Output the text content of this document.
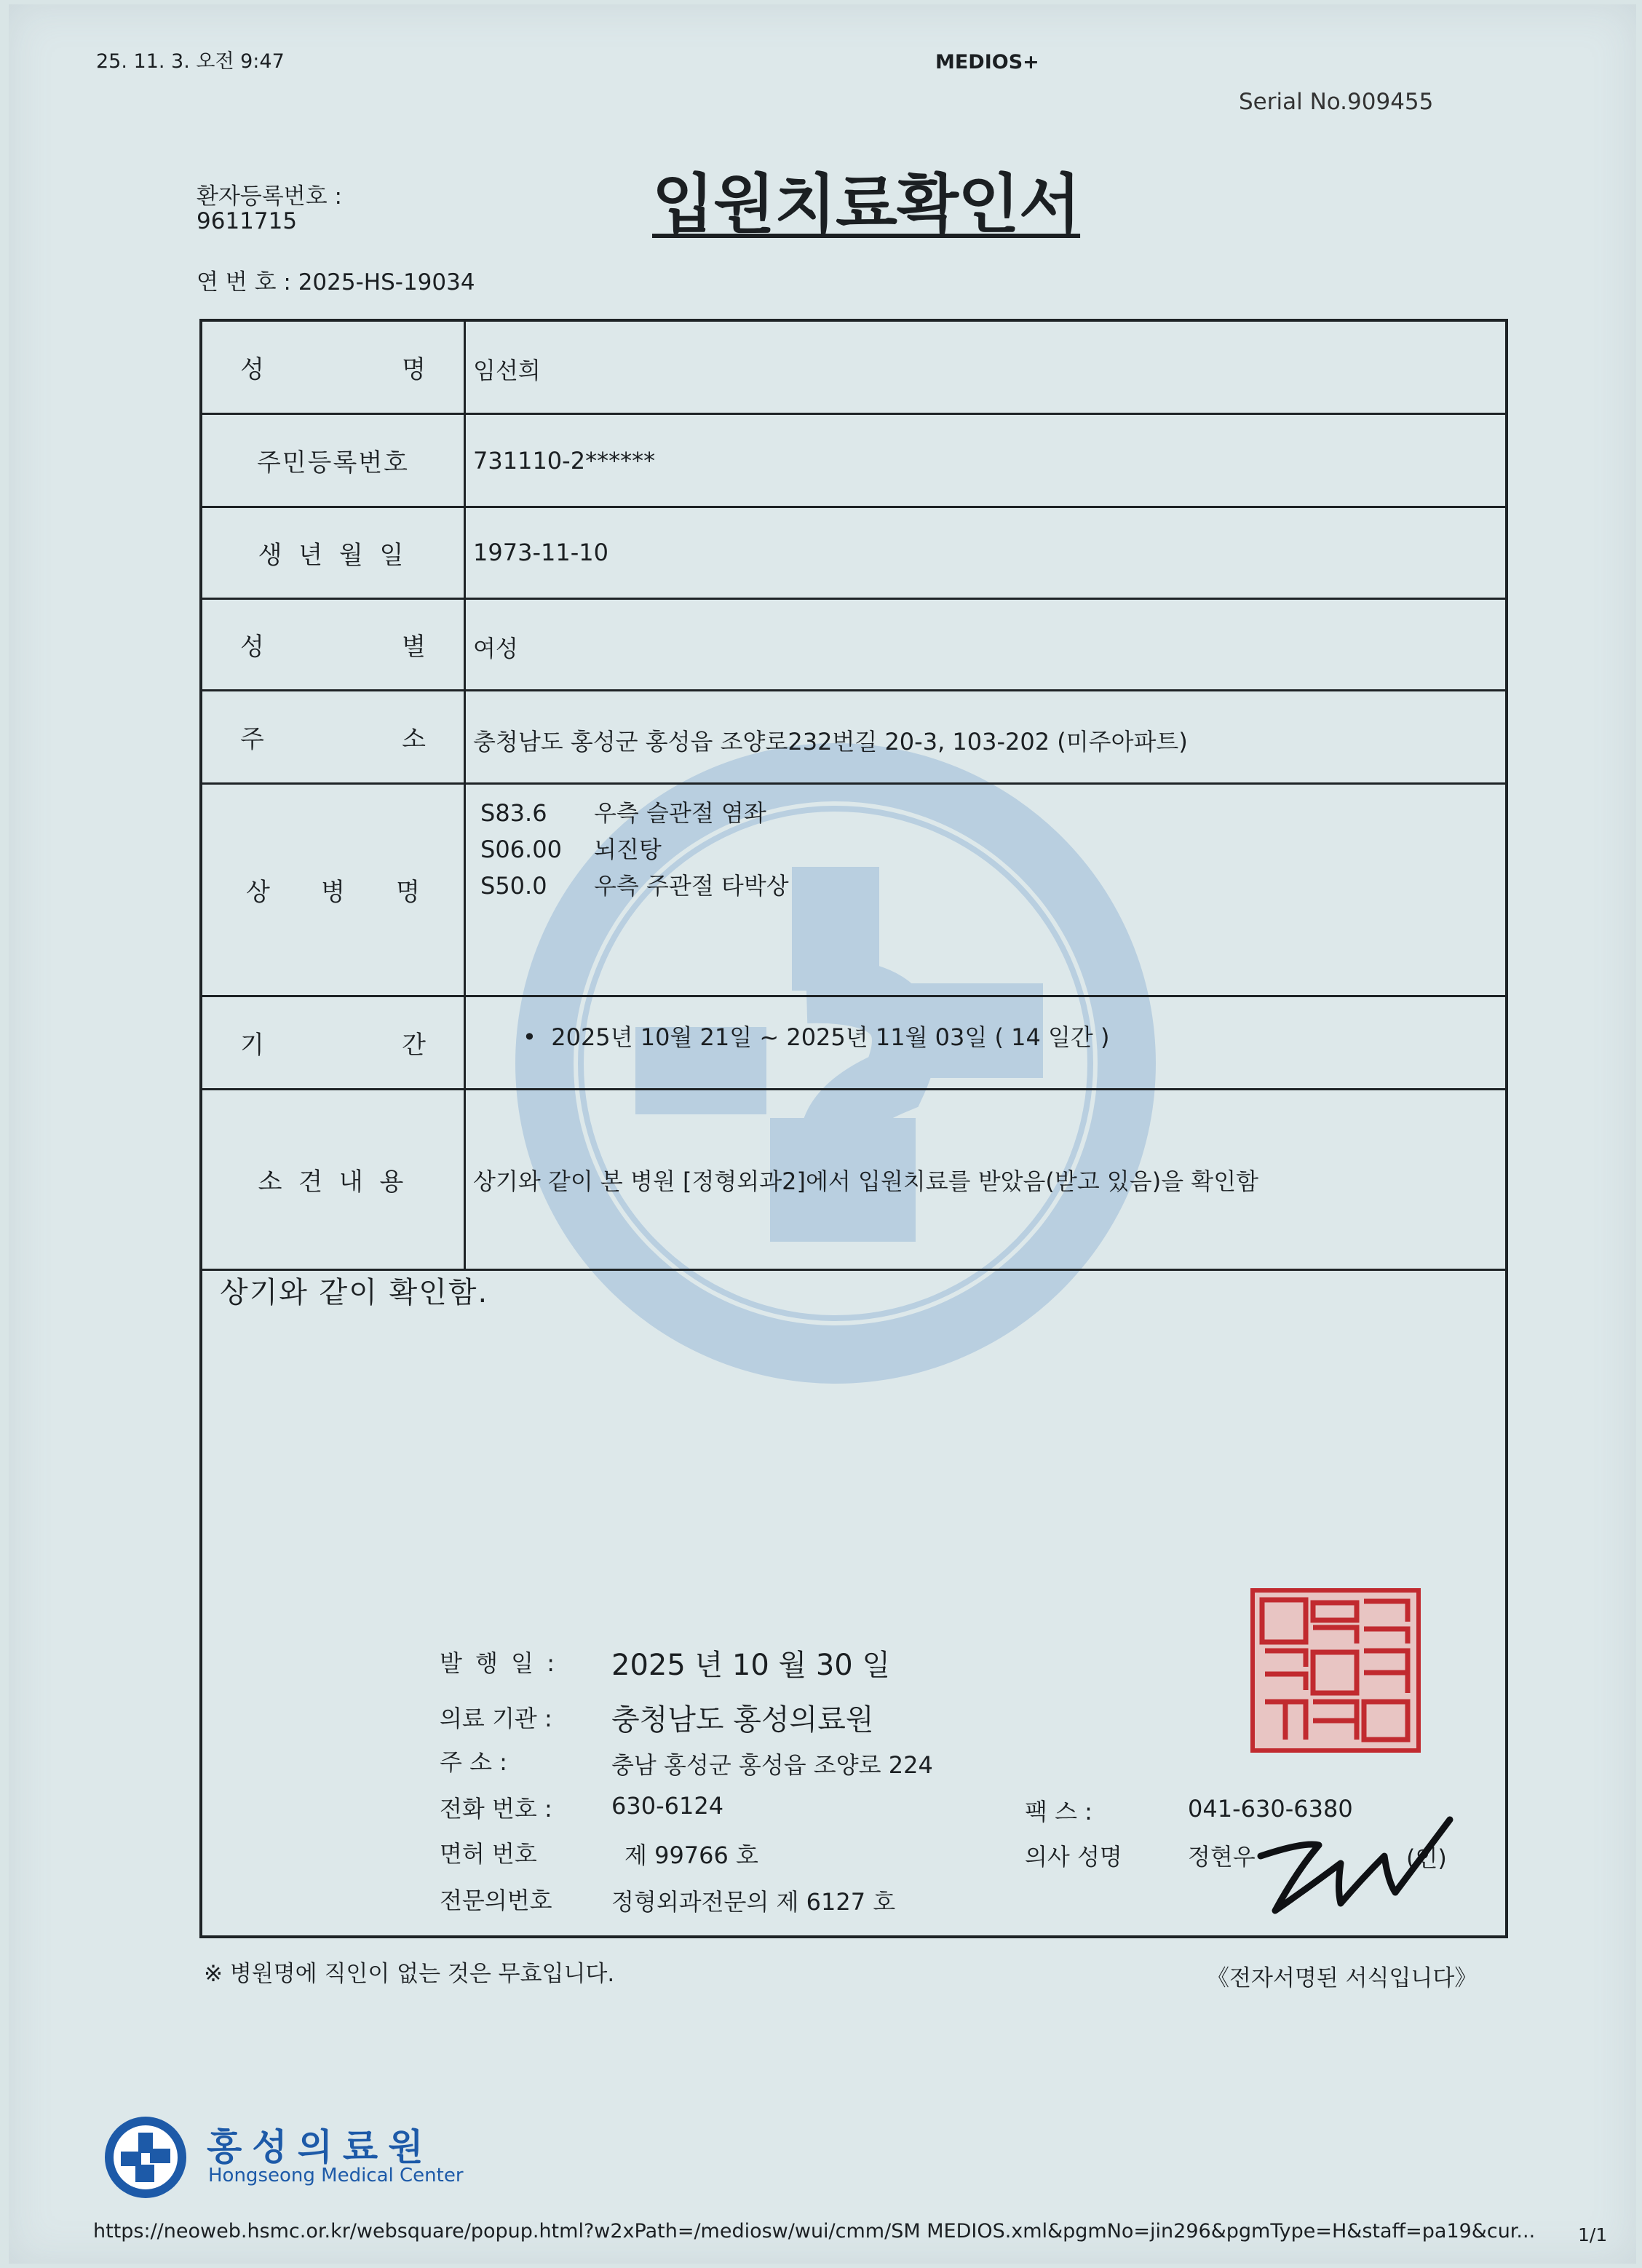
25. 11. 3. 오전 9:47	MEDIOS+
Serial No.909455
환자등록번호 :
9611715	입원치료확인서
연 번 호 : 2025-HS-19034
성	명 임선희
주민등록번호	731110-2******
생 년 월 일	1973-11-10
성	별 여성
주	소 충청남도 홍성군 홍성읍 조양로232번길 20-3, 103-202 (미주아파트)
상 병 명
S83.6 우측 슬관절 염좌
S06.00 뇌진탕
S50.0 우측 주관절 타박상
기	간	•  2025년 10월 21일 ~ 2025년 11월 03일 ( 14 일간 )
소 견 내 용	상기와 같이 본 병원 [정형외과2]에서 입원치료를 받았음(받고 있음)을 확인함
상기와 같이 확인함.
발 행 일 : 2025 년 10 월 30 일
의료 기관 : 충청남도 홍성의료원
주 소 :	충남 홍성군 홍성읍 조양로 224
전화 번호 :	630-6124	팩 스 :	041-630-6380
면허 번호	제 99766 호	의사 성명	정현우	(인)
전문의번호	정형외과전문의 제 6127 호
※ 병원명에 직인이 없는 것은 무효입니다.	《전자서명된 서식입니다》
홍성의료원
Hongseong Medical Center
https://neoweb.hsmc.or.kr/websquare/popup.html?w2xPath=/mediosw/wui/cmm/SM MEDIOS.xml&pgmNo=jin296&pgmType=H&staff=pa19&cur... 1/1
